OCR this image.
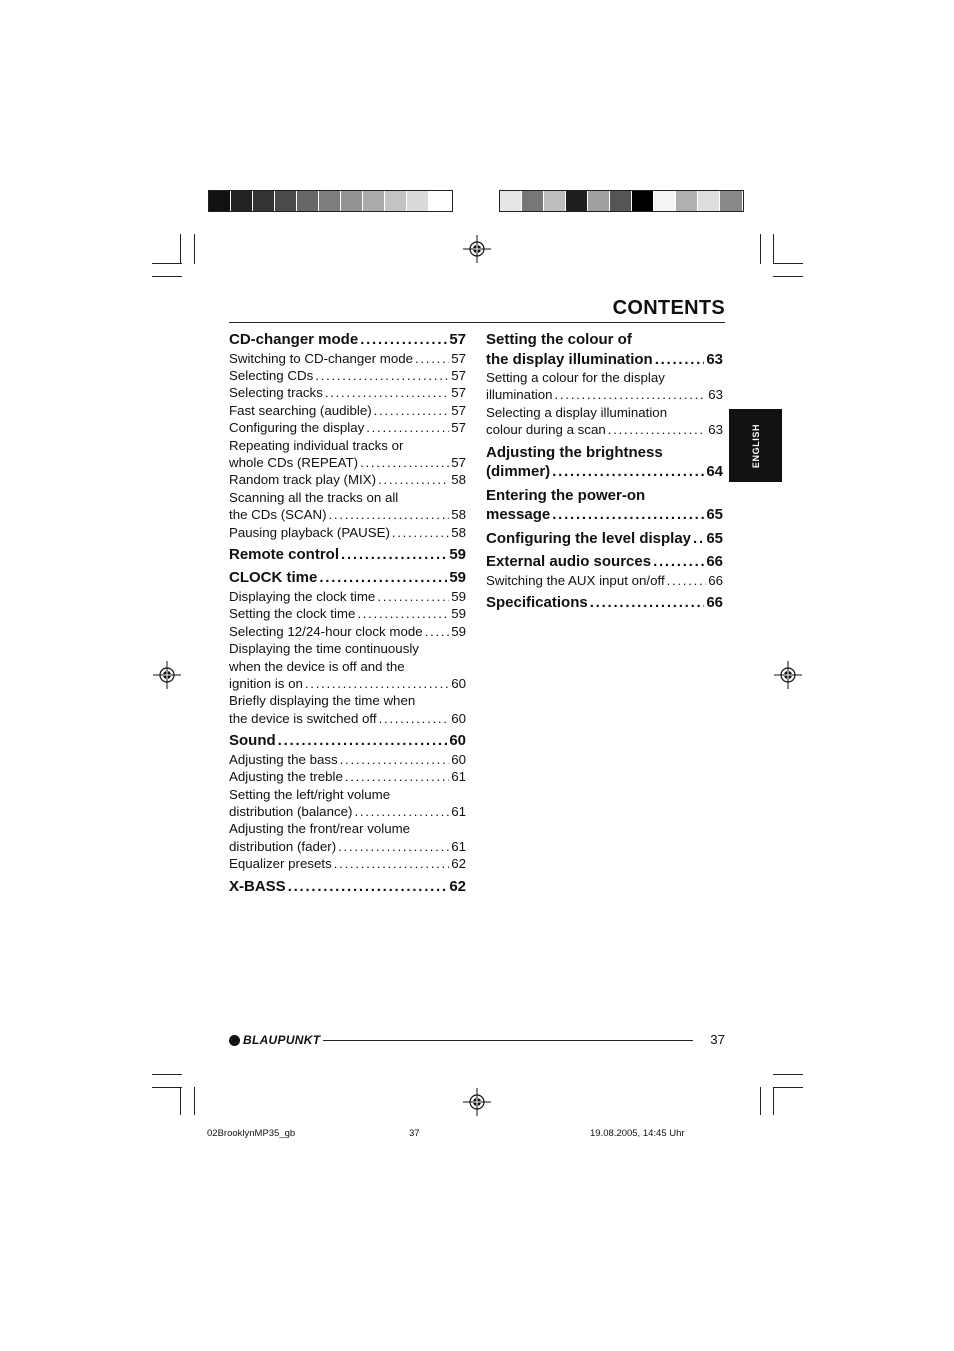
CONTENTS
ENGLISH
CD-changer mode . . .	57
Switching to CD-changer mode . . .	57
Selecting CDs . . .	57
Selecting tracks . . .	57
Fast searching (audible) . . .	57
Configuring the display . . .	57
Repeating individual tracks or
whole CDs (REPEAT) . . .	57
Random track play (MIX) . . .	58
Scanning all the tracks on all
the CDs (SCAN) . . .	58
Pausing playback (PAUSE) . . .	58
Remote control . . .	59
CLOCK time . . .	59
Displaying the clock time . . .	59
Setting the clock time . . .	59
Selecting 12/24-hour clock mode . . . 59
Displaying the time continuously
when the device is off and the
ignition is on . . .	60
Briefly displaying the time when
the device is switched off . . .	60
Sound . . .	60
Adjusting the bass . . .	60
Adjusting the treble . . .	61
Setting the left/right volume
distribution (balance) . . .	61
Adjusting the front/rear volume
distribution (fader) . . .	61
Equalizer presets . . .	62
X-BASS . . .	62
Setting the colour of
the display illumination . . .	63
Setting a colour for the display
illumination . . .	63
Selecting a display illumination
colour during a scan . . .	63
Adjusting the brightness
(dimmer) . . .	64
Entering the power-on
message . . .	65
Configuring the level display . . . 65
External audio sources . . .	66
Switching the AUX input on/off . . .	66
Specifications . . .	66
BLAUPUNKT	37
02BrooklynMP35_gb	37	19.08.2005, 14:45 Uhr
